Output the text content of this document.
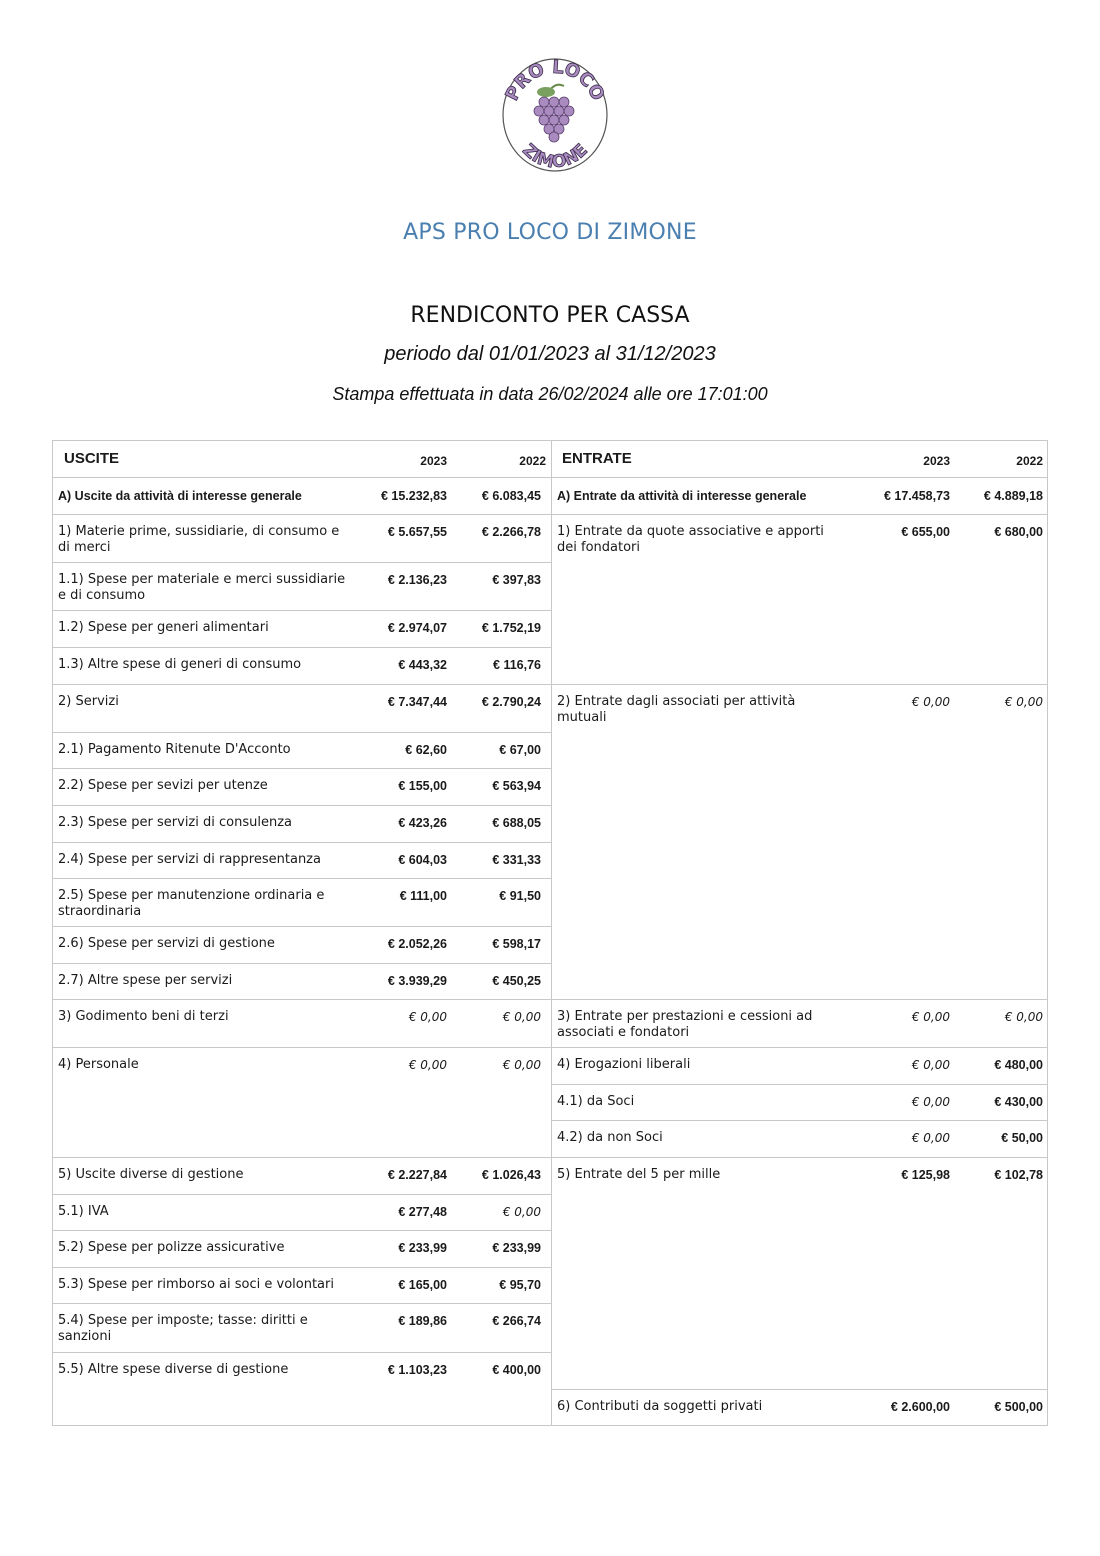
PRO LOCO
ZIMONE
APS PRO LOCO DI ZIMONE
RENDICONTO PER CASSA
periodo dal 01/01/2023 al 31/12/2023
Stampa effettuata in data 26/02/2024 alle ore 17:01:00
USCITE	2023	2022
A) Uscite da attività di interesse generale	€ 15.232,83	€ 6.083,45
1) Materie prime, sussidiarie, di consumo e di merci
€ 5.657,55	€ 2.266,78
1.1) Spese per materiale e merci sussidiarie e di consumo
€ 2.136,23	€ 397,83
1.2) Spese per generi alimentari	€ 2.974,07	€ 1.752,19
1.3) Altre spese di generi di consumo	€ 443,32	€ 116,76
2) Servizi	€ 7.347,44	€ 2.790,24
2.1) Pagamento Ritenute D'Acconto	€ 62,60	€ 67,00
2.2) Spese per sevizi per utenze	€ 155,00	€ 563,94
2.3) Spese per servizi di consulenza	€ 423,26	€ 688,05
2.4) Spese per servizi di rappresentanza	€ 604,03	€ 331,33
2.5) Spese per manutenzione ordinaria e straordinaria
€ 111,00	€ 91,50
2.6) Spese per servizi di gestione	€ 2.052,26	€ 598,17
2.7) Altre spese per servizi	€ 3.939,29	€ 450,25
3) Godimento beni di terzi	€ 0,00	€ 0,00
4) Personale	€ 0,00	€ 0,00
5) Uscite diverse di gestione	€ 2.227,84	€ 1.026,43
5.1) IVA	€ 277,48	€ 0,00
5.2) Spese per polizze assicurative	€ 233,99	€ 233,99
5.3) Spese per rimborso ai soci e volontari	€ 165,00	€ 95,70
5.4) Spese per imposte; tasse: diritti e sanzioni
€ 189,86	€ 266,74
5.5) Altre spese diverse di gestione	€ 1.103,23	€ 400,00
ENTRATE	2023	2022
A) Entrate da attività di interesse generale	€ 17.458,73	€ 4.889,18
1) Entrate da quote associative e apporti dei fondatori
€ 655,00	€ 680,00
2) Entrate dagli associati per attività mutuali
€ 0,00	€ 0,00
3) Entrate per prestazioni e cessioni ad associati e fondatori
€ 0,00	€ 0,00
4) Erogazioni liberali	€ 0,00	€ 480,00
4.1) da Soci	€ 0,00	€ 430,00
4.2) da non Soci	€ 0,00	€ 50,00
5) Entrate del 5 per mille	€ 125,98	€ 102,78
6) Contributi da soggetti privati	€ 2.600,00	€ 500,00
